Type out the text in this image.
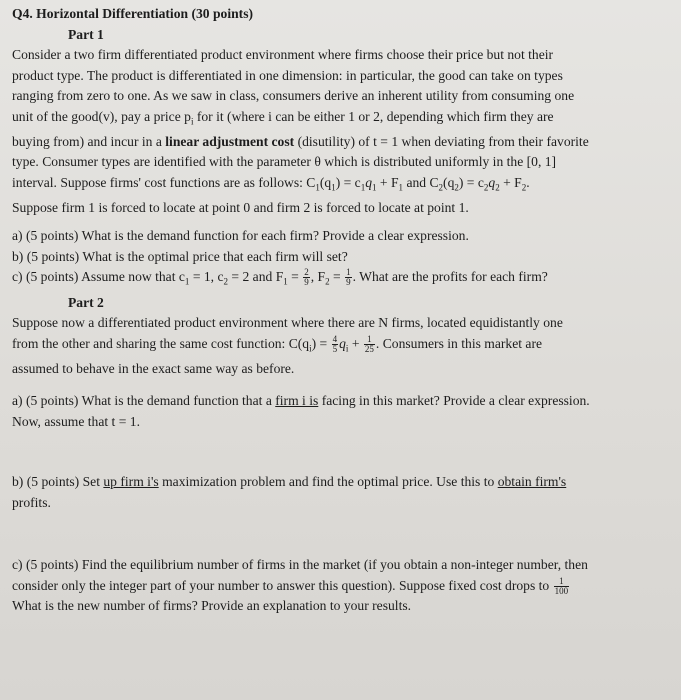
Q4. Horizontal Differentiation (30 points)
Part 1
Consider a two firm differentiated product environment where firms choose their price but not their
product type. The product is differentiated in one dimension: in particular, the good can take on types
ranging from zero to one. As we saw in class, consumers derive an inherent utility from consuming one
unit of the good(v), pay a price $p_i$ for it (where i can be either 1 or 2, depending which firm they are
buying from) and incur in a linear adjustment cost (disutility) of t = 1 when deviating from their favorite
type. Consumer types are identified with the parameter θ which is distributed uniformly in the [0, 1]
interval. Suppose firms' cost functions are as follows: $C_1(q_1) = c_1q_1 + F_1$ and $C_2(q_2) = c_2q_2 + F_2$.
Suppose firm 1 is forced to locate at point 0 and firm 2 is forced to locate at point 1.
a) (5 points) What is the demand function for each firm? Provide a clear expression.
b) (5 points) What is the optimal price that each firm will set?
c) (5 points) Assume now that $c_1 = 1$, $c_2 = 2$ and $F_1 = \frac{2}{9}$ , $F_2 = \frac{1}{9}$ . What are the profits for each firm?
Part 2
Suppose now a differentiated product environment where there are N firms, located equidistantly one
from the other and sharing the same cost function: $C(q_i) = \frac{4}{5} q_i + \frac{1}{25}$ . Consumers in this market are
assumed to behave in the exact same way as before.
a) (5 points) What is the demand function that a firm i is facing in this market? Provide a clear expression.
Now, assume that t = 1.
b) (5 points) Set up firm i's maximization problem and find the optimal price. Use this to obtain firm's
profits.
c) (5 points) Find the equilibrium number of firms in the market (if you obtain a non-integer number, then
consider only the integer part of your number to answer this question). Suppose fixed cost drops to $\frac{1}{100}$
What is the new number of firms? Provide an explanation to your results.
